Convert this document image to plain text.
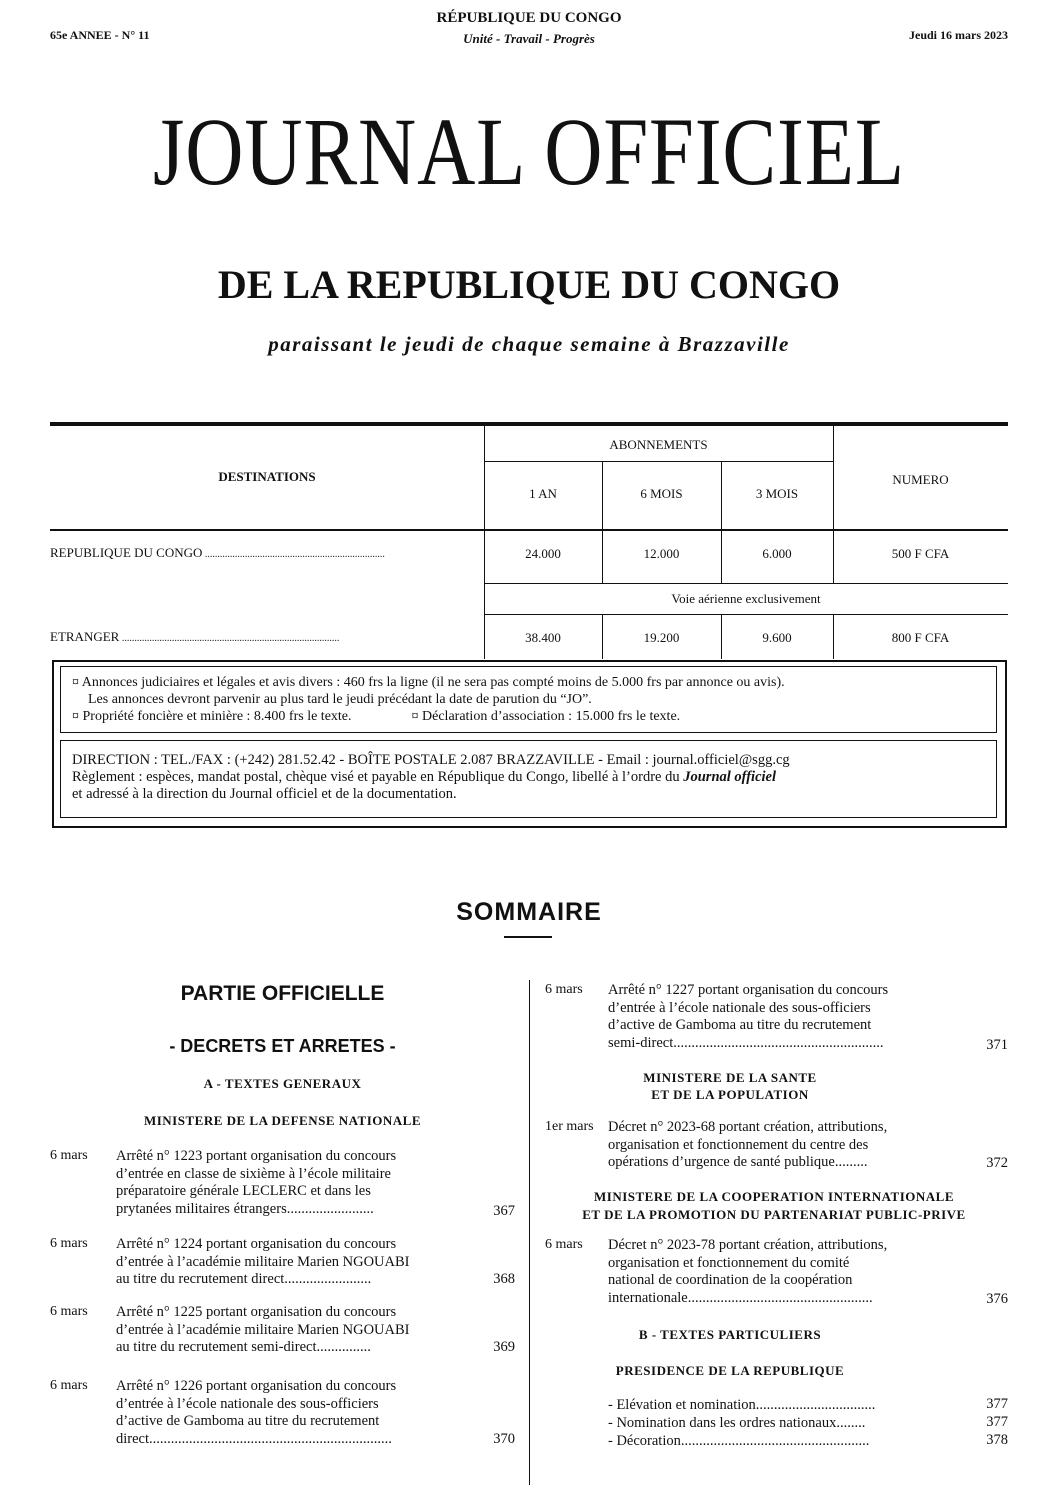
65e ANNEE - N° 11
RÉPUBLIQUE DU CONGO
Unité - Travail - Progrès	Jeudi 16 mars 2023
JOURNAL OFFICIEL
DE LA REPUBLIQUE DU CONGO
paraissant le jeudi de chaque semaine à Brazzaville
DESTINATIONS
ABONNEMENTS
1 AN	6 MOIS	3 MOIS
NUMERO
REPUBLIQUE DU CONGO ........................................................................	24.000	12.000	6.000	500 F CFA
Voie aérienne exclusivement
ETRANGER .......................................................................................	38.400	19.200	9.600	800 F CFA
¤ Annonces judiciaires et légales et avis divers : 460 frs la ligne (il ne sera pas compté moins de 5.000 frs par annonce ou avis).
Les annonces devront parvenir au plus tard le jeudi précédant la date de parution du “JO”.
¤ Propriété foncière et minière : 8.400 frs le texte.	¤ Déclaration d’association : 15.000 frs le texte.
DIRECTION : TEL./FAX : (+242) 281.52.42 - BOÎTE POSTALE 2.087 BRAZZAVILLE - Email : journal.officiel@sgg.cg
Règlement : espèces, mandat postal, chèque visé et payable en République du Congo, libellé à l’ordre du Journal officiel
et adressé à la direction du Journal officiel et de la documentation.
SOMMAIRE
PARTIE OFFICIELLE
- DECRETS ET ARRETES -
A - TEXTES GENERAUX
MINISTERE DE LA DEFENSE NATIONALE
6 mars Arrêté n° 1223 portant organisation du concours
d’entrée en classe de sixième à l’école militaire
préparatoire générale LECLERC et dans les
prytanées militaires étrangers........................	367
6 mars Arrêté n° 1224 portant organisation du concours
d’entrée à l’académie militaire Marien NGOUABI
au titre du recrutement direct........................	368
6 mars Arrêté n° 1225 portant organisation du concours
d’entrée à l’académie militaire Marien NGOUABI
au titre du recrutement semi-direct...............	369
6 mars Arrêté n° 1226 portant organisation du concours
d’entrée à l’école nationale des sous-officiers
d’active de Gamboma au titre du recrutement
direct...................................................................	370
6 mars Arrêté n° 1227 portant organisation du concours
d’entrée à l’école nationale des sous-officiers
d’active de Gamboma au titre du recrutement
semi-direct..........................................................	371
MINISTERE DE LA SANTE
ET DE LA POPULATION
1er mars Décret n° 2023-68 portant création, attributions,
organisation et fonctionnement du centre des
opérations d’urgence de santé publique.........	372
MINISTERE DE LA COOPERATION INTERNATIONALE
ET DE LA PROMOTION DU PARTENARIAT PUBLIC-PRIVE
6 mars Décret n° 2023-78 portant création, attributions,
organisation et fonctionnement du comité
national de coordination de la coopération
internationale...................................................	376
B - TEXTES PARTICULIERS
PRESIDENCE DE LA REPUBLIQUE
- Elévation et nomination.................................	377
- Nomination dans les ordres nationaux........	377
- Décoration....................................................	378
